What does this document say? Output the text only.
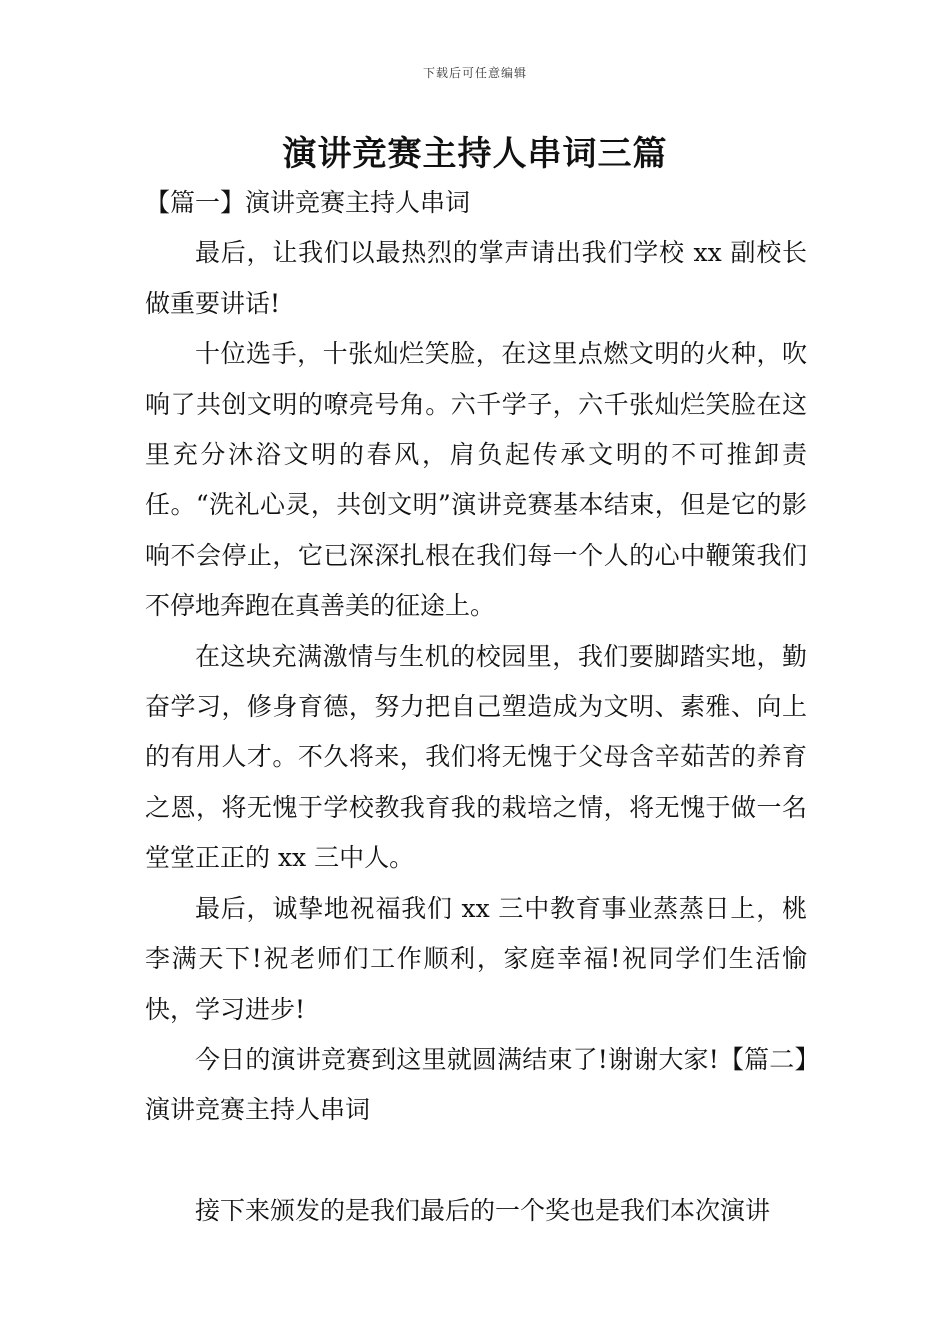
下载后可任意编辑
演讲竞赛主持人串词三篇

【篇一】演讲竞赛主持人串词

最后，让我们以最热烈的掌声请出我们学校 xx 副校长做重要讲话!

十位选手，十张灿烂笑脸，在这里点燃文明的火种，吹响了共创文明的嘹亮号角。六千学子，六千张灿烂笑脸在这里充分沐浴文明的春风，肩负起传承文明的不可推卸责任。“洗礼心灵，共创文明”演讲竞赛基本结束，但是它的影响不会停止，它已深深扎根在我们每一个人的心中鞭策我们不停地奔跑在真善美的征途上。

在这块充满激情与生机的校园里，我们要脚踏实地，勤奋学习，修身育德，努力把自己塑造成为文明、素雅、向上的有用人才。不久将来，我们将无愧于父母含辛茹苦的养育之恩，将无愧于学校教我育我的栽培之情，将无愧于做一名堂堂正正的 xx 三中人。

最后，诚挚地祝福我们 xx 三中教育事业蒸蒸日上，桃李满天下!祝老师们工作顺利，家庭幸福!祝同学们生活愉快，学习进步!

今日的演讲竞赛到这里就圆满结束了!谢谢大家!【篇二】演讲竞赛主持人串词

接下来颁发的是我们最后的一个奖也是我们本次演讲
